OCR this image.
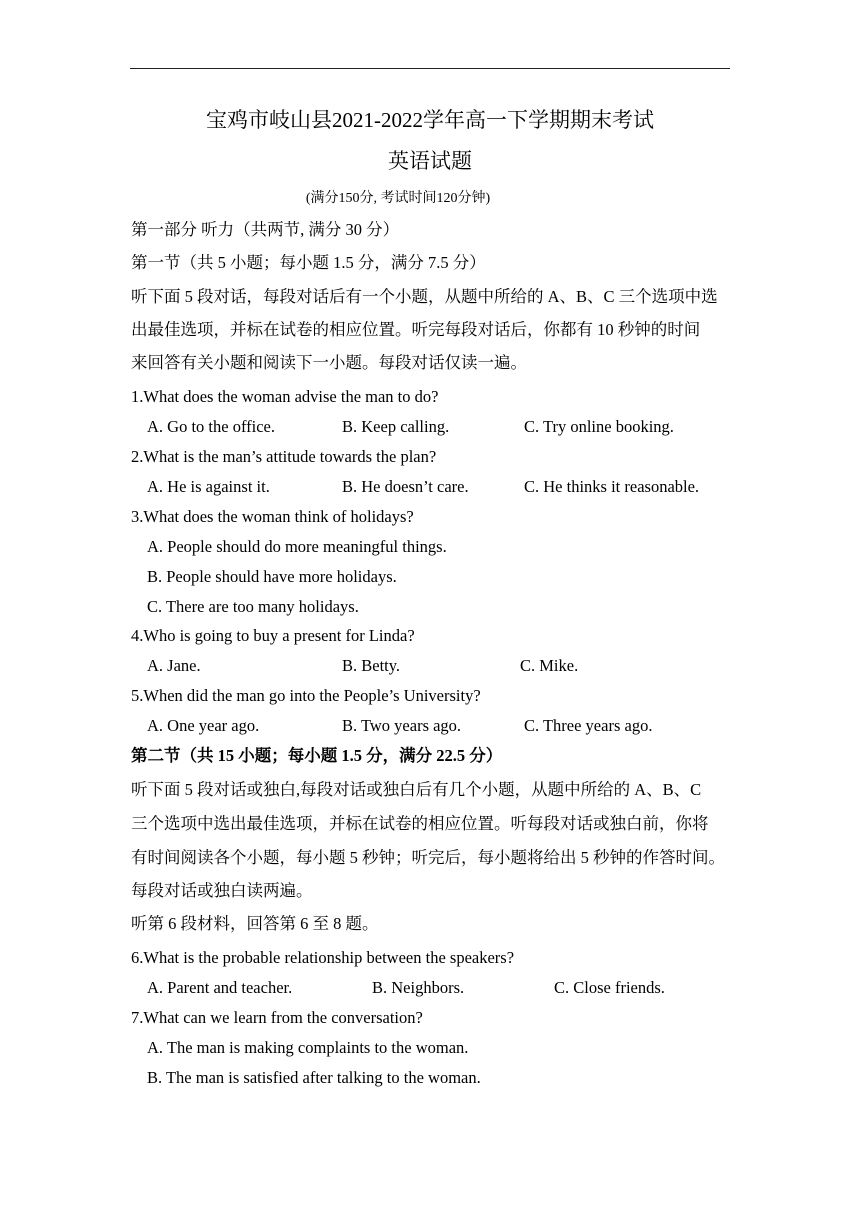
宝鸡市岐山县2021-2022学年高一下学期期末考试
英语试题
(满分150分, 考试时间120分钟)
第一部分 听力（共两节, 满分 30 分）
第一节（共 5 小题；每小题 1.5 分，满分 7.5 分）
听下面 5 段对话，每段对话后有一个小题，从题中所给的 A、B、C 三个选项中选
出最佳选项，并标在试卷的相应位置。听完每段对话后，你都有 10 秒钟的时间
来回答有关小题和阅读下一小题。每段对话仅读一遍。
1.What does the woman advise the man to do?
A. Go to the office.	B. Keep calling.	C. Try online booking.
2.What is the man’s attitude towards the plan?
A. He is against it.	B. He doesn’t care.	C. He thinks it reasonable.
3.What does the woman think of holidays?
A. People should do more meaningful things.
B. People should have more holidays.
C. There are too many holidays.
4.Who is going to buy a present for Linda?
A. Jane.	B. Betty.	C. Mike.
5.When did the man go into the People’s University?
A. One year ago.	B. Two years ago.	C. Three years ago.
第二节（共 15 小题；每小题 1.5 分，满分 22.5 分）
听下面 5 段对话或独白,每段对话或独白后有几个小题，从题中所给的 A、B、C
三个选项中选出最佳选项，并标在试卷的相应位置。听每段对话或独白前，你将
有时间阅读各个小题，每小题 5 秒钟；听完后，每小题将给出 5 秒钟的作答时间。
每段对话或独白读两遍。
听第 6 段材料，回答第 6 至 8 题。
6.What is the probable relationship between the speakers?
A. Parent and teacher.	B. Neighbors.	C. Close friends.
7.What can we learn from the conversation?
A. The man is making complaints to the woman.
B. The man is satisfied after talking to the woman.
